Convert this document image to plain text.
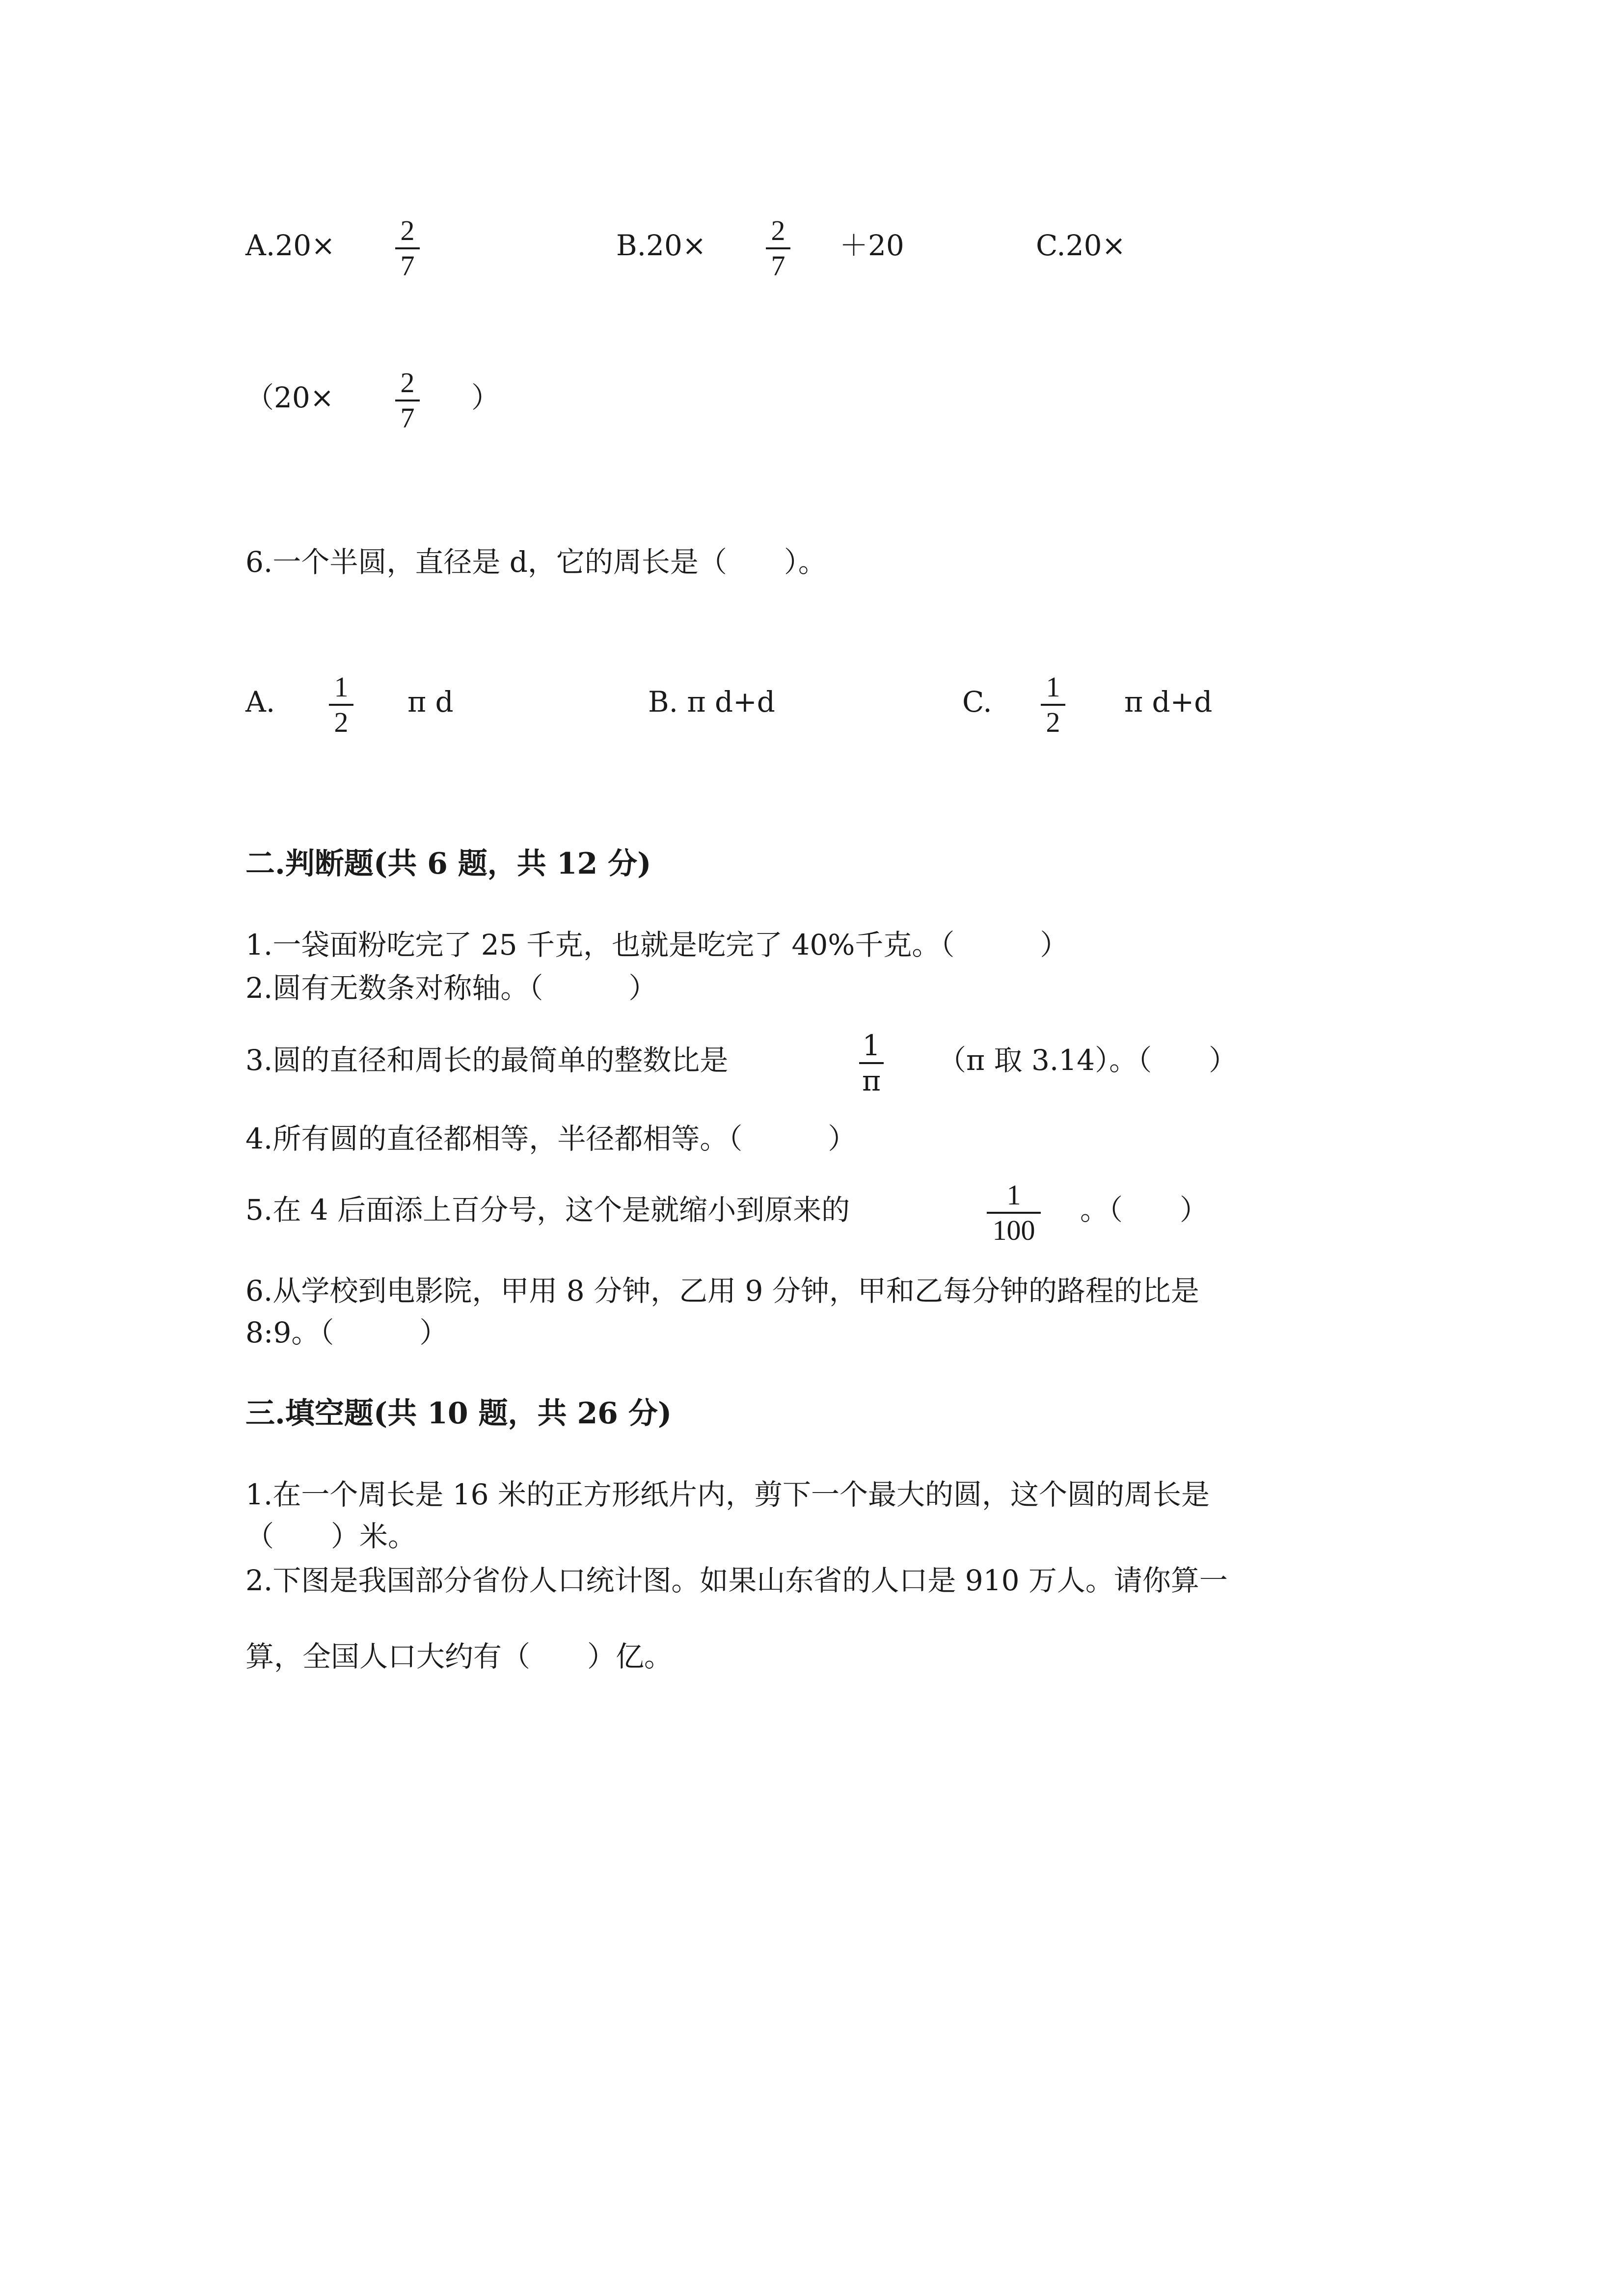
A.20×	2
7
B.20×	2
7
＋20	C.20×
（20×	2
7
）
6.一个半圆，直径是 d，它的周长是（　　）。
A.	1
2
π d	B. π d+d	C.	1
2
π d+d
二.判断题(共 6 题，共 12 分)
1.一袋面粉吃完了 25 千克，也就是吃完了 40%千克。（　　　）
2.圆有无数条对称轴。（　　　）
3.圆的直径和周长的最简单的整数比是	1
π
（π 取 3.14）。（　　）
4.所有圆的直径都相等，半径都相等。（　　　）
5.在 4 后面添上百分号，这个是就缩小到原来的	1
100
。（　　）
6.从学校到电影院，甲用 8 分钟，乙用 9 分钟，甲和乙每分钟的路程的比是
8:9。（　　　）
三.填空题(共 10 题，共 26 分)
1.在一个周长是 16 米的正方形纸片内，剪下一个最大的圆，这个圆的周长是
（　　）米。
2.下图是我国部分省份人口统计图。如果山东省的人口是 910 万人。请你算一
算，全国人口大约有（　　）亿。
